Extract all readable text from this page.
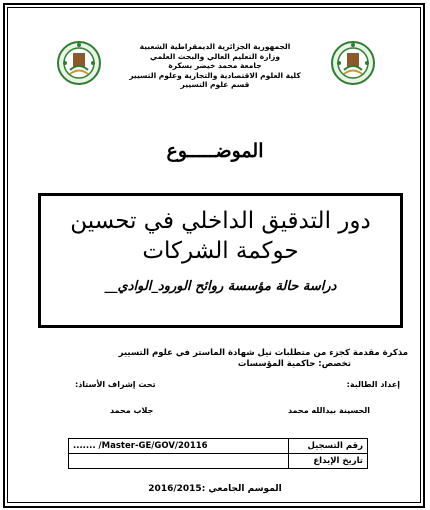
الجمهورية الجزائرية الديمقراطية الشعبية
وزارة التعليم العالي والبحث العلمي
جامعة محمد خيضر بسكرة
كلية العلوم الاقتصادية والتجارية وعلوم التسيير
قسم علوم التسيير
الموضـــــوع
دور التدقيق الداخلي في تحسين
حوكمة الشركات
دراسة حالة مؤسسة روائح الورود_الوادي__
مذكرة مقدمة كجزء من متطلبات نيل شهادة الماستر في علوم التسيير
تخصص: حاكمية المؤسسات
إعداد الطالبة:
تحت إشراف الأستاذ:
الحسينة بيدالله محمد
جلاب محمد
....... /Master-GE/GOV/20116	رقم التسجيل
	تاريخ الإيداع
الموسم الجامعي :2016/2015
